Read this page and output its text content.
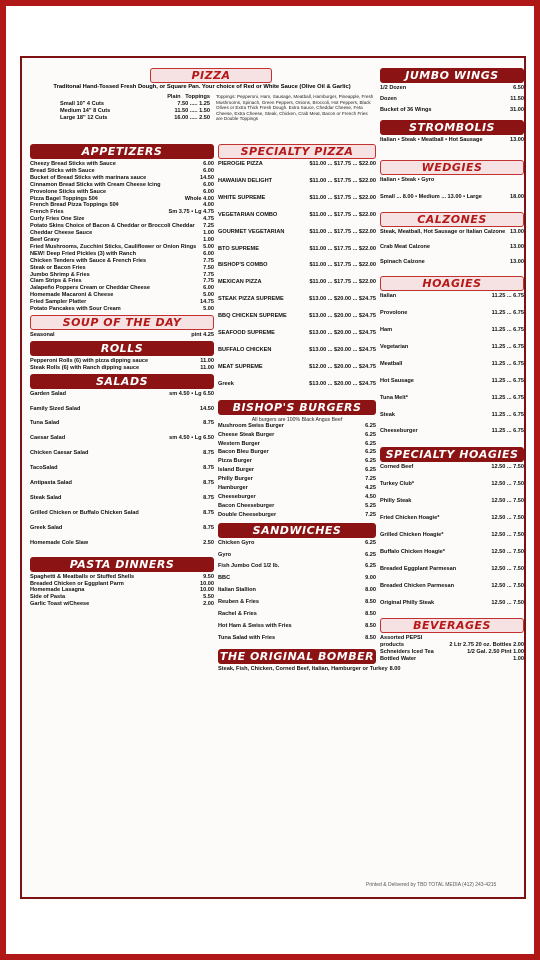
PIZZA
Traditonal Hand-Tossed Fresh Dough, or Square Pan. Your choice of Red or White Sauce (Olive Oil & Garlic)
Plain Toppings
Small 10" 4 Cuts	7.50 ..... 1.25
Medium 14" 8 Cuts	11.50 ..... 1.50
Large 18" 12 Cuts	16.00 ..... 2.50
Toppings: Pepperoni, Ham, Sausage, Meatball, Hamburger, Pineapple, Fresh Mushrooms, Spinach, Green Peppers, Onions, Broccoli, Hot Peppers, Black Olives or Extra Thick Fresh Dough. Extra Sauce, Cheddar Cheese, Feta Cheese, Extra Cheese, Steak, Chicken, Crab Meat, Bacon or French Fries are Double Toppings
APPETIZERS
Cheezy Bread Sticks with Sauce	6.00
Bread Sticks with Sauce	6.00
Bucket of Bread Sticks with marinara sauce	14.50
Cinnamon Bread Sticks with Cream Cheese Icing	6.00
Provolone Sticks with Sauce	6.00
Pizza Bagel Toppings 50¢	Whole 4.00
French Bread Pizza Toppings 50¢	4.00
French Fries	Sm 3.75 • Lg 4.75
Curly Fries One Size	4.75
Potato Skins Choice of Bacon & Cheddar or Broccoli Cheddar	7.25
Cheddar Cheese Sauce	1.00
Beef Gravy	1.00
Fried Mushrooms, Zucchini Sticks, Cauliflower or Onion Rings	5.00
NEW! Deep Fried Pickles (3) with Ranch	6.00
Chicken Tenders with Sauce & French Fries	7.75
Steak or Bacon Fries	7.50
Jumbo Shrimp & Fries	7.75
Clam Strips & Fries	7.75
Jalapeño Poppers Cream or Cheddar Cheese	6.00
Homemade Macaroni & Cheese	5.00
Fried Sampler Platter	14.75
Potato Pancakes with Sour Cream	5.00
SOUP OF THE DAY
Seasonal	pint 4.25
ROLLS
Pepperoni Rolls (6) with pizza dipping sauce	11.00
Steak Rolls (6) with Ranch dipping sauce	11.00
SALADS
Garden Salad	sm 4.50 • Lg 6.50
Family Sized Salad	14.50
Tuna Salad	8.75
Caesar Salad	sm 4.50 • Lg 6.50
Chicken Caesar Salad	8.75
TacoSalad	8.75
Antipasta Salad	8.75
Steak Salad	8.75
Grilled Chicken or Buffalo Chicken Salad	8.75
Greek Salad	8.75
Homemade Cole Slaw	2.50
PASTA DINNERS
Spaghetti & Meatballs or Stuffed Shells	9.50
Breaded Chicken or Eggplant Parm	10.00
Homemade Lasagna	10.00
Side of Pasta	5.50
Garlic Toast w/Cheese	2.00
SPECIALTY PIZZA
PIEROGIE PIZZA	$11.00 ... $17.75 ... $22.00
HAWAIIAN DELIGHT	$11.00 ... $17.75 ... $22.00
WHITE SUPREME	$11.00 ... $17.75 ... $22.00
VEGETARIAN COMBO	$11.00 ... $17.75 ... $22.00
GOURMET VEGETARIAN	$11.00 ... $17.75 ... $22.00
BTO SUPREME	$11.00 ... $17.75 ... $22.00
BISHOP'S COMBO	$11.00 ... $17.75 ... $22.00
MEXICAN PIZZA	$11.00 ... $17.75 ... $22.00
STEAK PIZZA SUPREME	$13.00 ... $20.00 ... $24.75
BBQ CHICKEN SUPREME	$13.00 ... $20.00 ... $24.75
SEAFOOD SUPREME	$13.00 ... $20.00 ... $24.75
BUFFALO CHICKEN	$13.00 ... $20.00 ... $24.75
MEAT SUPREME	$12.00 ... $20.00 ... $24.75
Greek	$13.00 ... $20.00 ... $24.75
BISHOP'S BURGERS
All burgers are 100% Black Angus Beef
Mushroom Swiss Burger	6.25
Cheese Steak Burger	6.25
Western Burger	6.25
Bacon Bleu Burger	6.25
Pizza Burger	6.25
Island Burger	6.25
Philly Burger	7.25
Hamburger	4.25
Cheeseburger	4.50
Bacon Cheeseburger	5.25
Double Cheeseburger	7.25
SANDWICHES
Chicken Gyro	6.25
Gyro	6.25
Fish Jumbo Cod 1/2 lb.	6.25
BBC	9.00
Italian Stallion	8.00
Reuben & Fries	8.50
Rachel & Fries	8.50
Hot Ham & Swiss with Fries	8.50
Tuna Salad with Fries	8.50
THE ORIGINAL BOMBER
Steak, Fish, Chicken, Corned Beef, Italian, Hamburger or Turkey 8.00
JUMBO WINGS
1/2 Dozen	6.50
Dozen	11.50
Bucket of 36 Wings	31.00
STROMBOLIS
Italian • Steak • Meatball • Hot Sausage	13.00
WEDGIES
Italian • Steak • Gyro
Small ... 8.00 • Medium ... 13.00 • Large	18.00
CALZONES
Steak, Meatball, Hot Sausage or Italian Calzone 13.00
Crab Meat Calzone	13.00
Spinach Calzone	13.00
HOAGIES
Italian	11.25 ... 6.75
Provolone	11.25 ... 6.75
Ham	11.25 ... 6.75
Vegetarian	11.25 ... 6.75
Meatball	11.25 ... 6.75
Hot Sausage	11.25 ... 6.75
Tuna Melt*	11.25 ... 6.75
Steak	11.25 ... 6.75
Cheeseburger	11.25 ... 6.75
SPECIALTY HOAGIES
Corned Beef	12.50 ... 7.50
Turkey Club*	12.50 ... 7.50
Philly Steak	12.50 ... 7.50
Fried Chicken Hoagie*	12.50 ... 7.50
Grilled Chicken Hoagie*	12.50 ... 7.50
Buffalo Chicken Hoagie*	12.50 ... 7.50
Breaded Eggplant Parmesan	12.50 ... 7.50
Breaded Chicken Parmesan	12.50 ... 7.50
Original Philly Steak	12.50 ... 7.50
BEVERAGES
Assorted PEPSI
products	2 Ltr 2.75 20 oz. Bottles 2.00
Schneiders Iced Tea	1/2 Gal. 2.50 Pint 1.00
Bottled Water	1.00
Printed & Delivered by TBD TOTAL MEDIA (412) 243-4215
